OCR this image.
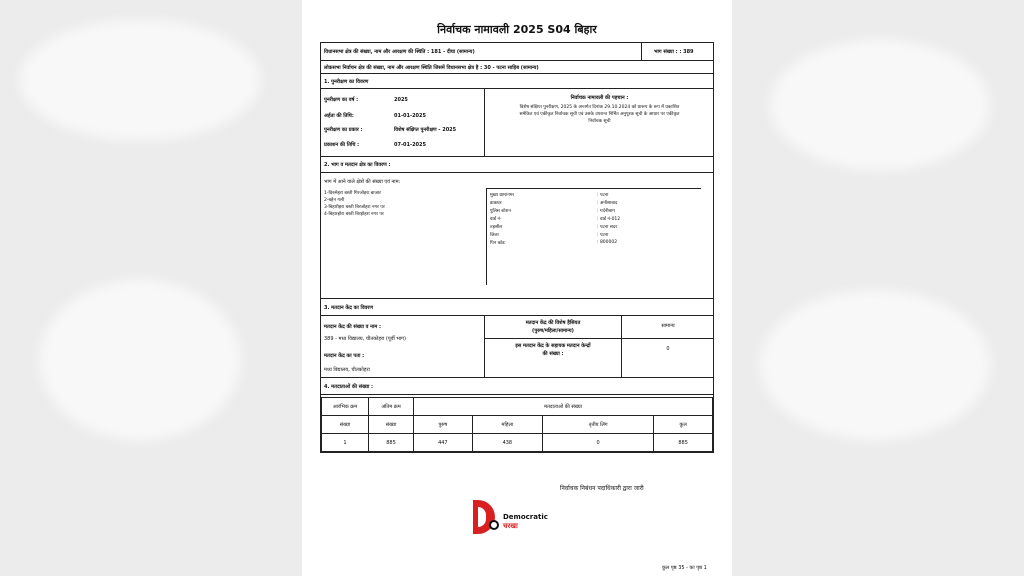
निर्वाचक नामावली 2025 S04 बिहार
विधानसभा क्षेत्र की संख्या, नाम और आरक्षण की स्थिति : 181 - दीघा (सामान्य)	भाग संख्या : : 389
लोकसभा निर्वाचन क्षेत्र की संख्या, नाम और आरक्षण स्थिति जिसमें विधानसभा क्षेत्र है : 30 - पटना साहिब (सामान्य)
1. पुनरीक्षण का विवरण
पुनरीक्षण का वर्ष :	2025
अर्हता की तिथि:	01-01-2025
पुनरीक्षण का प्रकार :	विशेष संक्षिप्त पुनरीक्षण - 2025
प्रकाशन की तिथि :	07-01-2025
निर्वाचक नामावली की पहचान :
विशेष संक्षिप्त पुनरीक्षण, 2025 के अन्तर्गत दिनांक 29.10.2024 को प्रारूप के रूप में प्रकाशित
समेकित एवं एकीकृत निर्वाचक सूची एवं उसके उपरान्त निर्मित अनुपूरक सूची के आधार पर एकीकृत
निर्वाचक सूची
2. भाग व मतदान क्षेत्र का विवरण :
भाग में आने वाले क्षेत्रों की संख्या एवं नाम:
1-विरुमेहरा बस्ती गिरजोहरा बाजार
2-बहेन गली
3-बिहारीहरा बस्ती बिरजोहरा नगर पर
4-बिहारहोरा बस्ती बिरहोहरा नगर पर
मुख्य ग्राम/नगर	: पटना
डाकघर	: अनीसाबाद
पुलिस स्टेशन	: गर्दनीबाग
वार्ड नं-	: वार्ड नं-012
तहसील	: पटना सदर
जिला	: पटना
पिन कोड	: 800002
3. मतदान केंद्र का विवरण
मतदान केंद्र की संख्या व नाम :
389 - मध्य विद्यालय, चीतकोहरा (पूर्वी भाग)
मतदान केंद्र का पता :
मध्य विद्यालय, चीतकोहरा
मतदान केंद्र की विशेष हैसियत
(पुरुष/महिला/सामान्य)
सामान्य
इस मतदान केंद्र के सहायक मतदान केन्द्रों
की संख्या :
0
4. मतदाताओं की संख्या :
आरंभिक क्रम	अंतिम क्रम	मतदाताओं की संख्या			
संख्या	संख्या	पुरुष	महिला	तृतीय लिंग	कुल
1	885	447	438	0	885
निर्वाचक निबंधन पदाधिकारी द्वारा जारी
Democratic
चरखा
कुल पृष्ठ 35 - का पृष्ठ 1
